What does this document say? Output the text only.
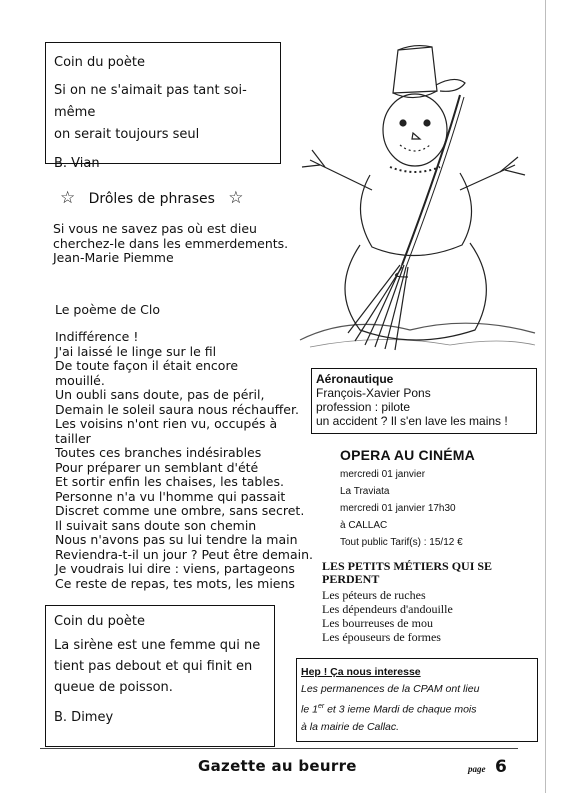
Coin du poète
Si on ne s'aimait pas tant soi-même
on serait toujours seul
B. Vian
☆ Drôles de phrases ☆
Si vous ne savez pas où est dieu
cherchez-le dans les emmerdements.
Jean-Marie Piemme
Le poème de Clo
Indifférence !
J'ai laissé le linge sur le fil
De toute façon il était encore
mouillé.
Un oubli sans doute, pas de péril,
Demain le soleil saura nous réchauffer.
Les voisins n'ont rien vu, occupés à
tailler
Toutes ces branches indésirables
Pour préparer un semblant d'été
Et sortir enfin les chaises, les tables.
Personne n'a vu l'homme qui passait
Discret comme une ombre, sans secret.
Il suivait sans doute son chemin
Nous n'avons pas su lui tendre la main
Reviendra-t-il un jour ? Peut être demain.
Je voudrais lui dire : viens, partageons
Ce reste de repas, tes mots, les miens
Coin du poète
La sirène est une femme qui ne
tient pas debout et qui finit en
queue de poisson.
B. Dimey
Aéronautique
François-Xavier Pons
profession : pilote
un accident ? Il s'en lave les mains !
OPERA AU CINÉMA
mercredi 01 janvier
La Traviata
mercredi 01 janvier 17h30
à CALLAC
Tout public Tarif(s) : 15/12 €
LES PETITS MÉTIERS QUI SE
PERDENT
Les péteurs de ruches
Les dépendeurs d'andouille
Les bourreuses de mou
Les épouseurs de formes
Hep ! Ça nous interesse
Les permanences de la CPAM ont lieu
le 1er et 3 ieme Mardi de chaque mois
à la mairie de Callac.
Gazette au beurre	page 6
